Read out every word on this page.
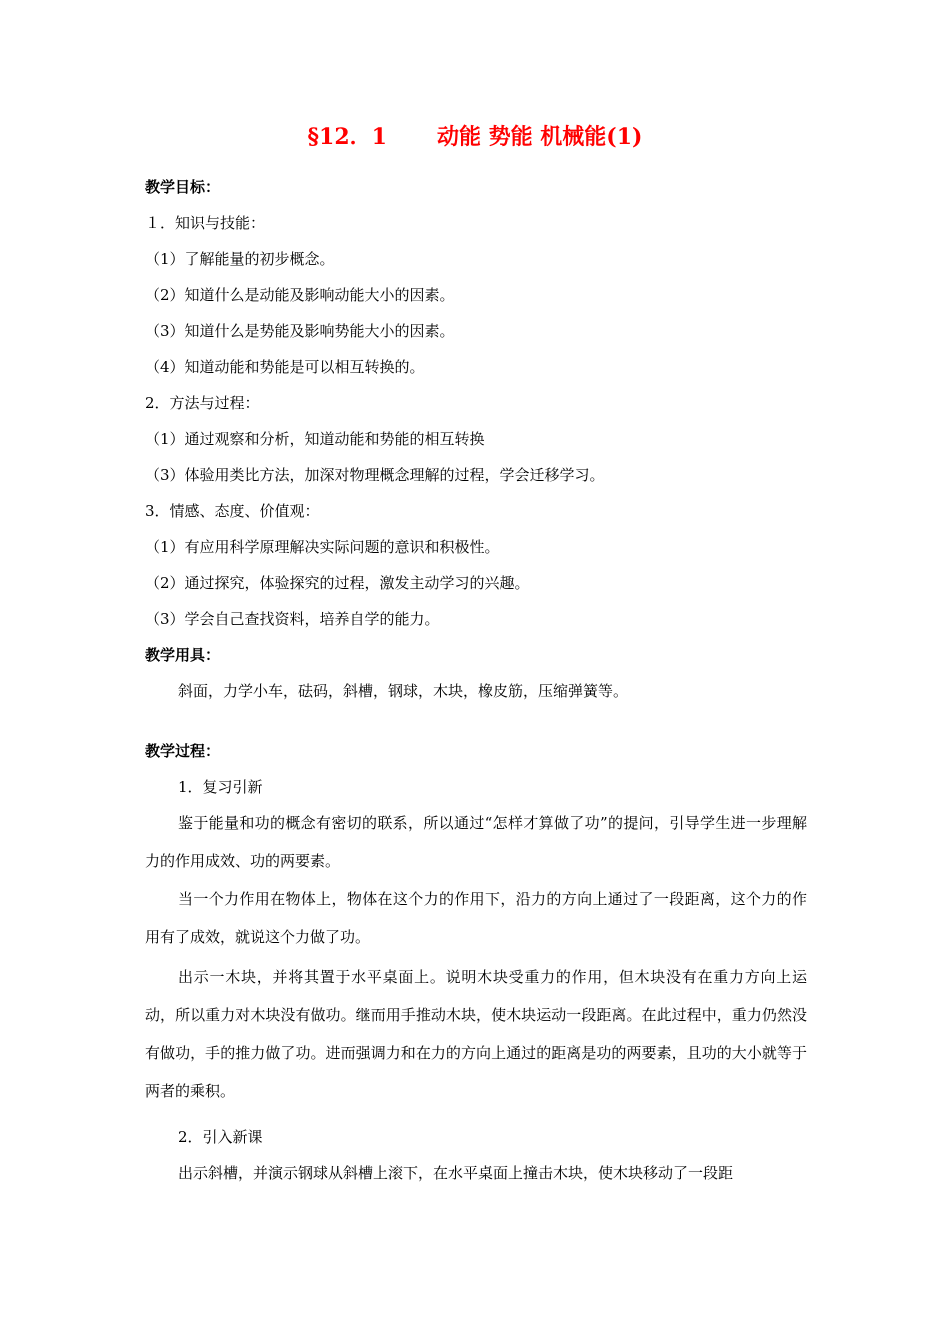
§12．1 动能 势能 机械能(1)
教学目标：
１．知识与技能：
（1）了解能量的初步概念。
（2）知道什么是动能及影响动能大小的因素。
（3）知道什么是势能及影响势能大小的因素。
（4）知道动能和势能是可以相互转换的。
2．方法与过程：
（1）通过观察和分析，知道动能和势能的相互转换
（3）体验用类比方法，加深对物理概念理解的过程，学会迁移学习。
3．情感、态度、价值观：
（1）有应用科学原理解决实际问题的意识和积极性。
（2）通过探究，体验探究的过程，激发主动学习的兴趣。
（3）学会自己查找资料，培养自学的能力。
教学用具：
斜面，力学小车，砝码，斜槽，钢球，木块，橡皮筋，压缩弹簧等。
教学过程：
1．复习引新
鉴于能量和功的概念有密切的联系，所以通过“怎样才算做了功”的提问，引导学生进一步理解力的作用成效、功的两要素。
当一个力作用在物体上，物体在这个力的作用下，沿力的方向上通过了一段距离，这个力的作用有了成效，就说这个力做了功。
出示一木块，并将其置于水平桌面上。说明木块受重力的作用，但木块没有在重力方向上运动，所以重力对木块没有做功。继而用手推动木块，使木块运动一段距离。在此过程中，重力仍然没有做功，手的推力做了功。进而强调力和在力的方向上通过的距离是功的两要素，且功的大小就等于两者的乘积。
2．引入新课
出示斜槽，并演示钢球从斜槽上滚下，在水平桌面上撞击木块，使木块移动了一段距
